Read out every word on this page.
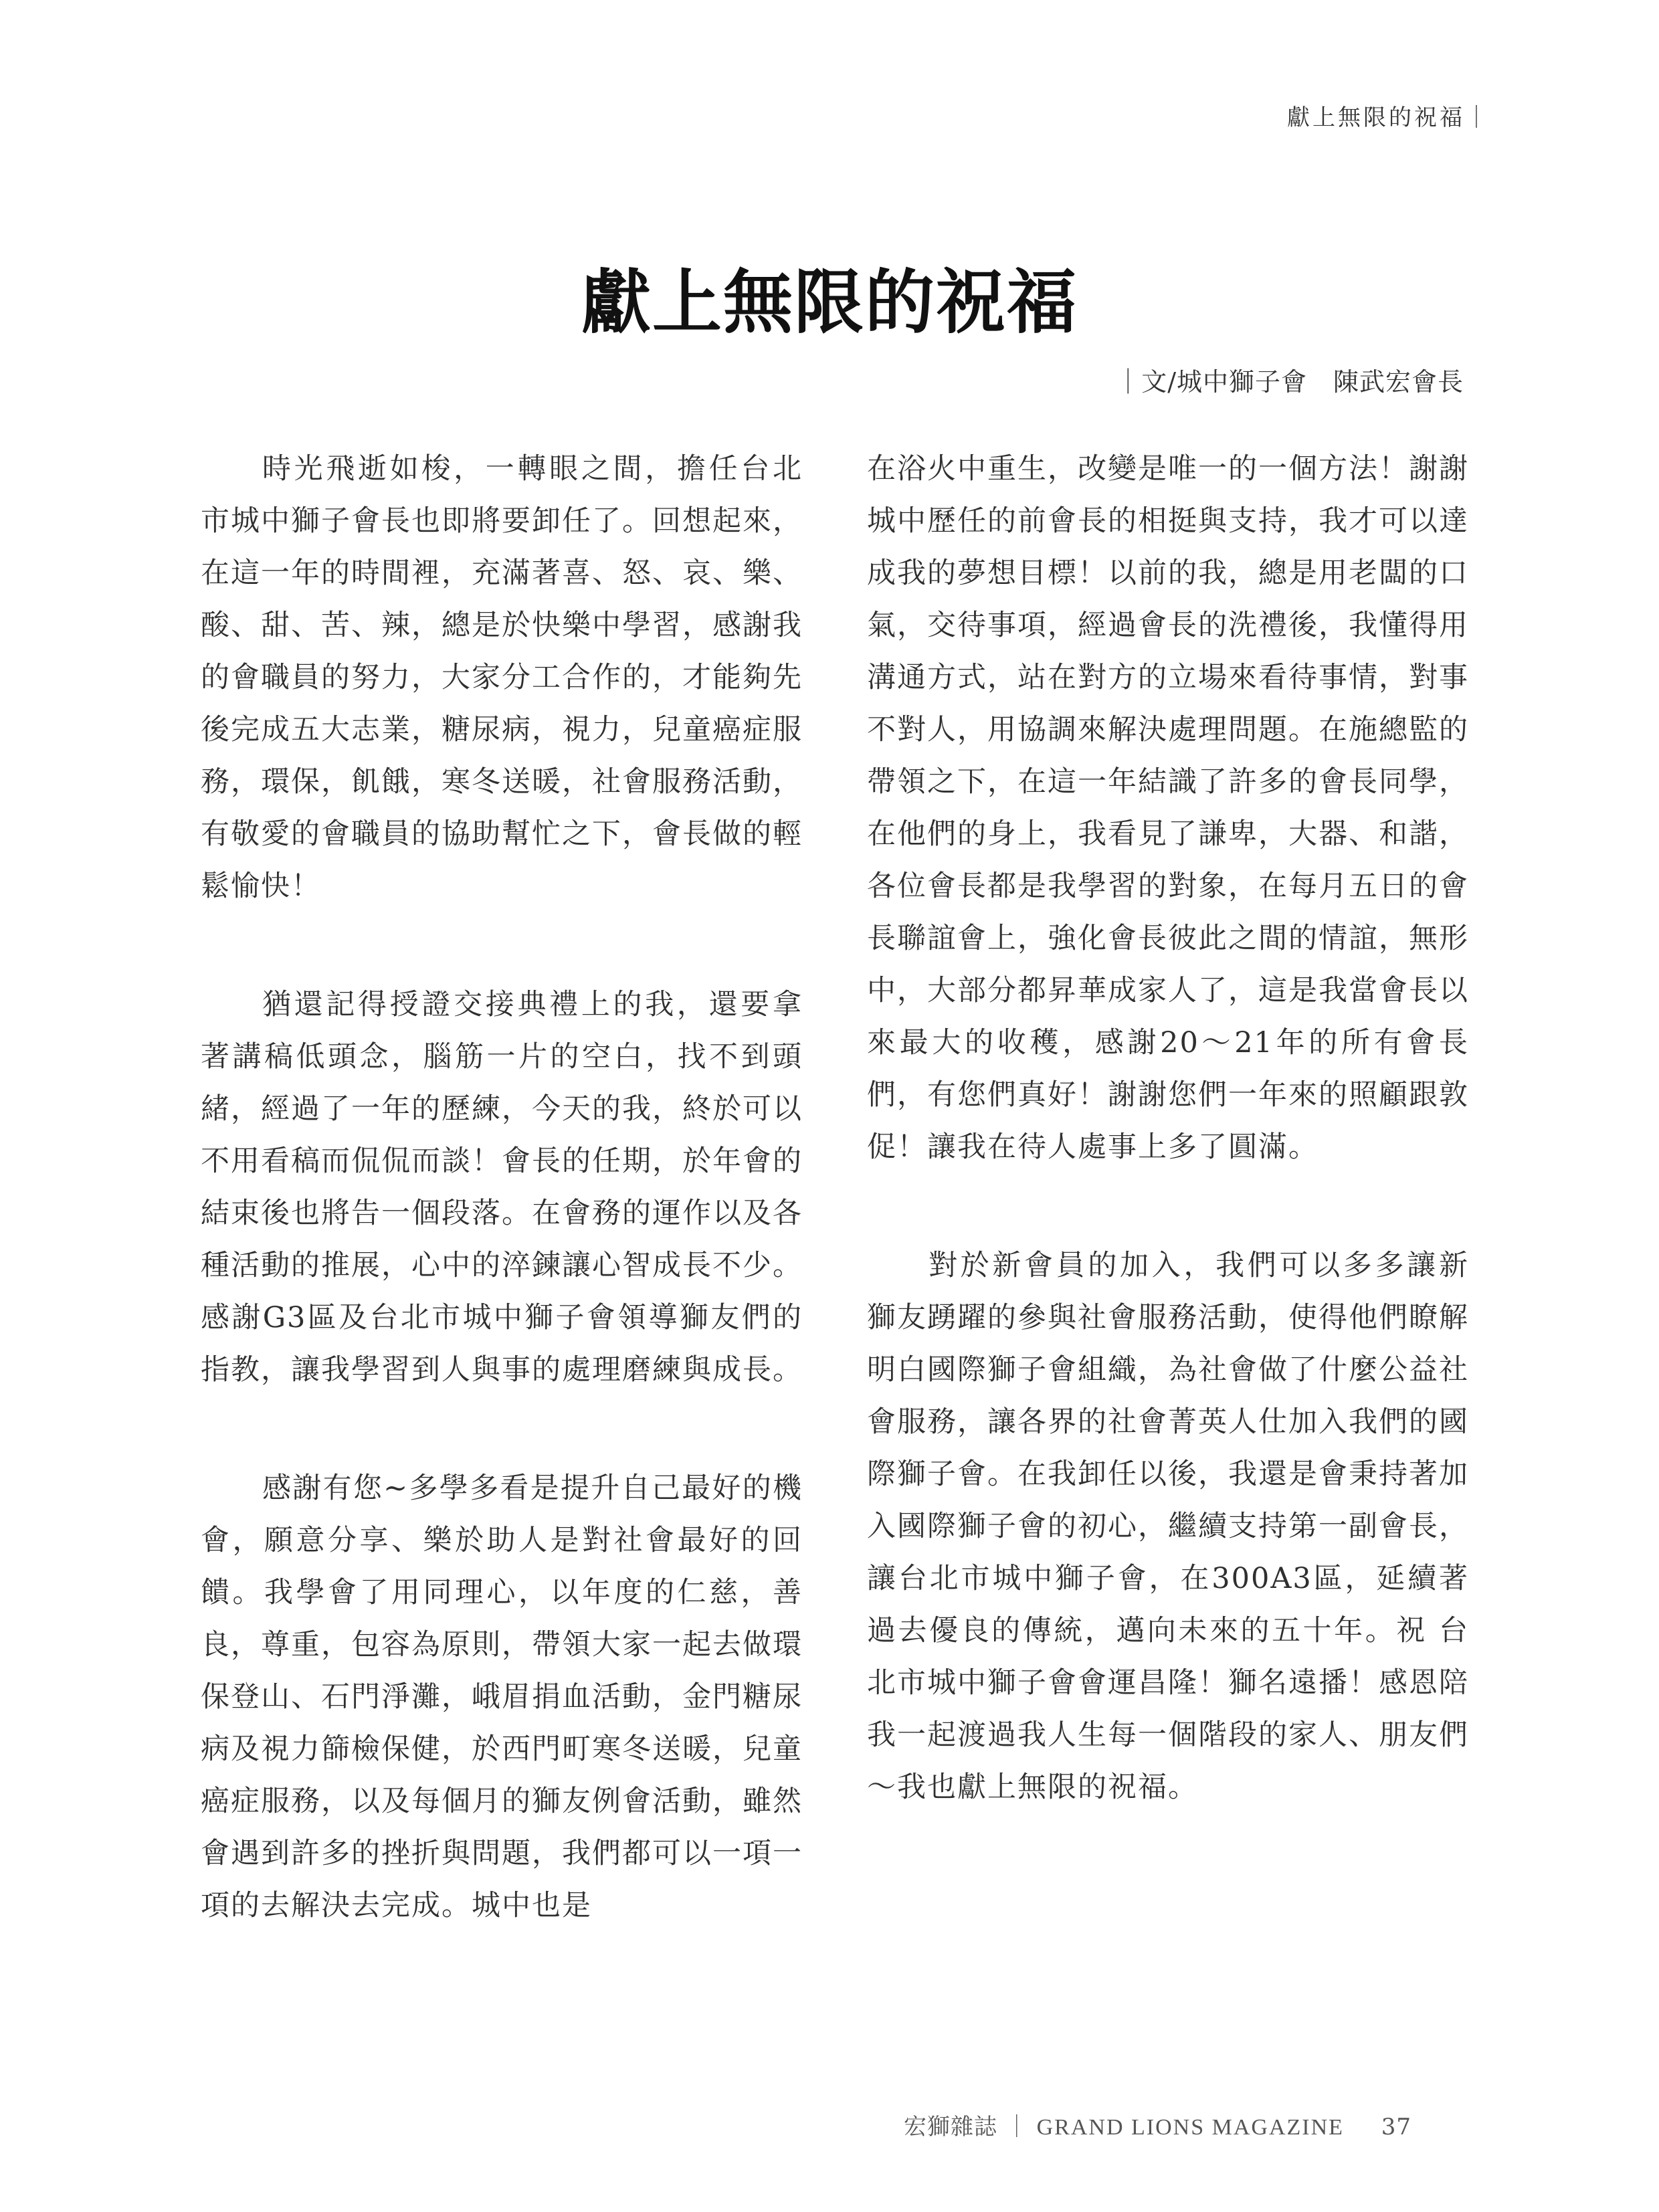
獻上無限的祝福｜
獻上無限的祝福
｜文/城中獅子會　陳武宏會長

時光飛逝如梭，一轉眼之間，擔任台北市城中獅子會長也即將要卸任了。回想起來，在這一年的時間裡，充滿著喜、怒、哀、樂、酸、甜、苦、辣，總是於快樂中學習，感謝我的會職員的努力，大家分工合作的，才能夠先後完成五大志業，糖尿病，視力，兒童癌症服務，環保，飢餓，寒冬送暖，社會服務活動，有敬愛的會職員的協助幫忙之下，會長做的輕鬆愉快！

猶還記得授證交接典禮上的我，還要拿著講稿低頭念，腦筋一片的空白，找不到頭緒，經過了一年的歷練，今天的我，終於可以不用看稿而侃侃而談！會長的任期，於年會的結束後也將告一個段落。在會務的運作以及各種活動的推展，心中的淬鍊讓心智成長不少。感謝G3區及台北市城中獅子會領導獅友們的指教，讓我學習到人與事的處理磨練與成長。

感謝有您~多學多看是提升自己最好的機會，願意分享、樂於助人是對社會最好的回饋。我學會了用同理心，以年度的仁慈，善良，尊重，包容為原則，帶領大家一起去做環保登山、石門淨灘，峨眉捐血活動，金門糖尿病及視力篩檢保健，於西門町寒冬送暖，兒童癌症服務，以及每個月的獅友例會活動，雖然會遇到許多的挫折與問題，我們都可以一項一項的去解決去完成。城中也是

在浴火中重生，改變是唯一的一個方法！謝謝城中歷任的前會長的相挺與支持，我才可以達成我的夢想目標！以前的我，總是用老闆的口氣，交待事項，經過會長的洗禮後，我懂得用溝通方式，站在對方的立場來看待事情，對事不對人，用協調來解決處理問題。在施總監的帶領之下，在這一年結識了許多的會長同學，在他們的身上，我看見了謙卑，大器、和諧，各位會長都是我學習的對象，在每月五日的會長聯誼會上，強化會長彼此之間的情誼，無形中，大部分都昇華成家人了，這是我當會長以來最大的收穫，感謝20～21年的所有會長們，有您們真好！謝謝您們一年來的照顧跟敦促！讓我在待人處事上多了圓滿。

對於新會員的加入，我們可以多多讓新獅友踴躍的參與社會服務活動，使得他們瞭解明白國際獅子會組織，為社會做了什麼公益社會服務，讓各界的社會菁英人仕加入我們的國際獅子會。在我卸任以後，我還是會秉持著加入國際獅子會的初心，繼續支持第一副會長，讓台北市城中獅子會，在300A3區，延續著過去優良的傳統，邁向未來的五十年。祝 台北市城中獅子會會運昌隆！獅名遠播！感恩陪我一起渡過我人生每一個階段的家人、朋友們～我也獻上無限的祝福。

宏獅雜誌 ｜ GRAND LIONS MAGAZINE 37
